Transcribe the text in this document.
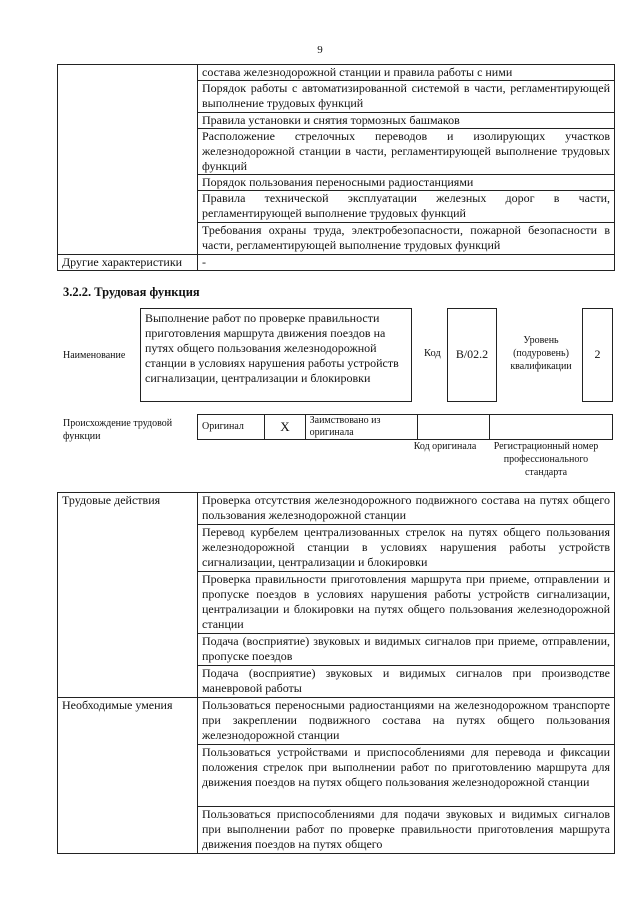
9
	состава железнодорожной станции и правила работы с ними
	Порядок работы с автоматизированной системой в части, регламентирующей выполнение трудовых функций
	Правила установки и снятия тормозных башмаков
	Расположение стрелочных переводов и изолирующих участков железнодорожной станции в части, регламентирующей выполнение трудовых функций
	Порядок пользования переносными радиостанциями
	Правила технической эксплуатации железных дорог в части, регламентирующей выполнение трудовых функций
	Требования охраны труда, электробезопасности, пожарной безопасности в части, регламентирующей выполнение трудовых функций
Другие характеристики	-
3.2.2. Трудовая функция
Наименование
Выполнение работ по проверке правильности приготовления маршрута движения поездов на путях общего пользования железнодорожной станции в условиях нарушения работы устройств сигнализации, централизации и блокировки
Код	B/02.2
Уровень (подуровень) квалификации
2
Происхождение трудовой функции
Оригинал	X	Заимствовано из оригинала		
Код оригинала	Регистрационный номер профессионального стандарта
Трудовые действия	Проверка отсутствия железнодорожного подвижного состава на путях общего пользования железнодорожной станции
	Перевод курбелем централизованных стрелок на путях общего пользования железнодорожной станции в условиях нарушения работы устройств сигнализации, централизации и блокировки
	Проверка правильности приготовления маршрута при приеме, отправлении и пропуске поездов в условиях нарушения работы устройств сигнализации, централизации и блокировки на путях общего пользования железнодорожной станции
	Подача (восприятие) звуковых и видимых сигналов при приеме, отправлении, пропуске поездов
	Подача (восприятие) звуковых и видимых сигналов при производстве маневровой работы
Необходимые умения	Пользоваться переносными радиостанциями на железнодорожном транспорте при закреплении подвижного состава на путях общего пользования железнодорожной станции
	Пользоваться устройствами и приспособлениями для перевода и фиксации положения стрелок при выполнении работ по приготовлению маршрута для движения поездов на путях общего пользования железнодорожной станции
	Пользоваться приспособлениями для подачи звуковых и видимых сигналов при выполнении работ по проверке правильности приготовления маршрута движения поездов на путях общего
